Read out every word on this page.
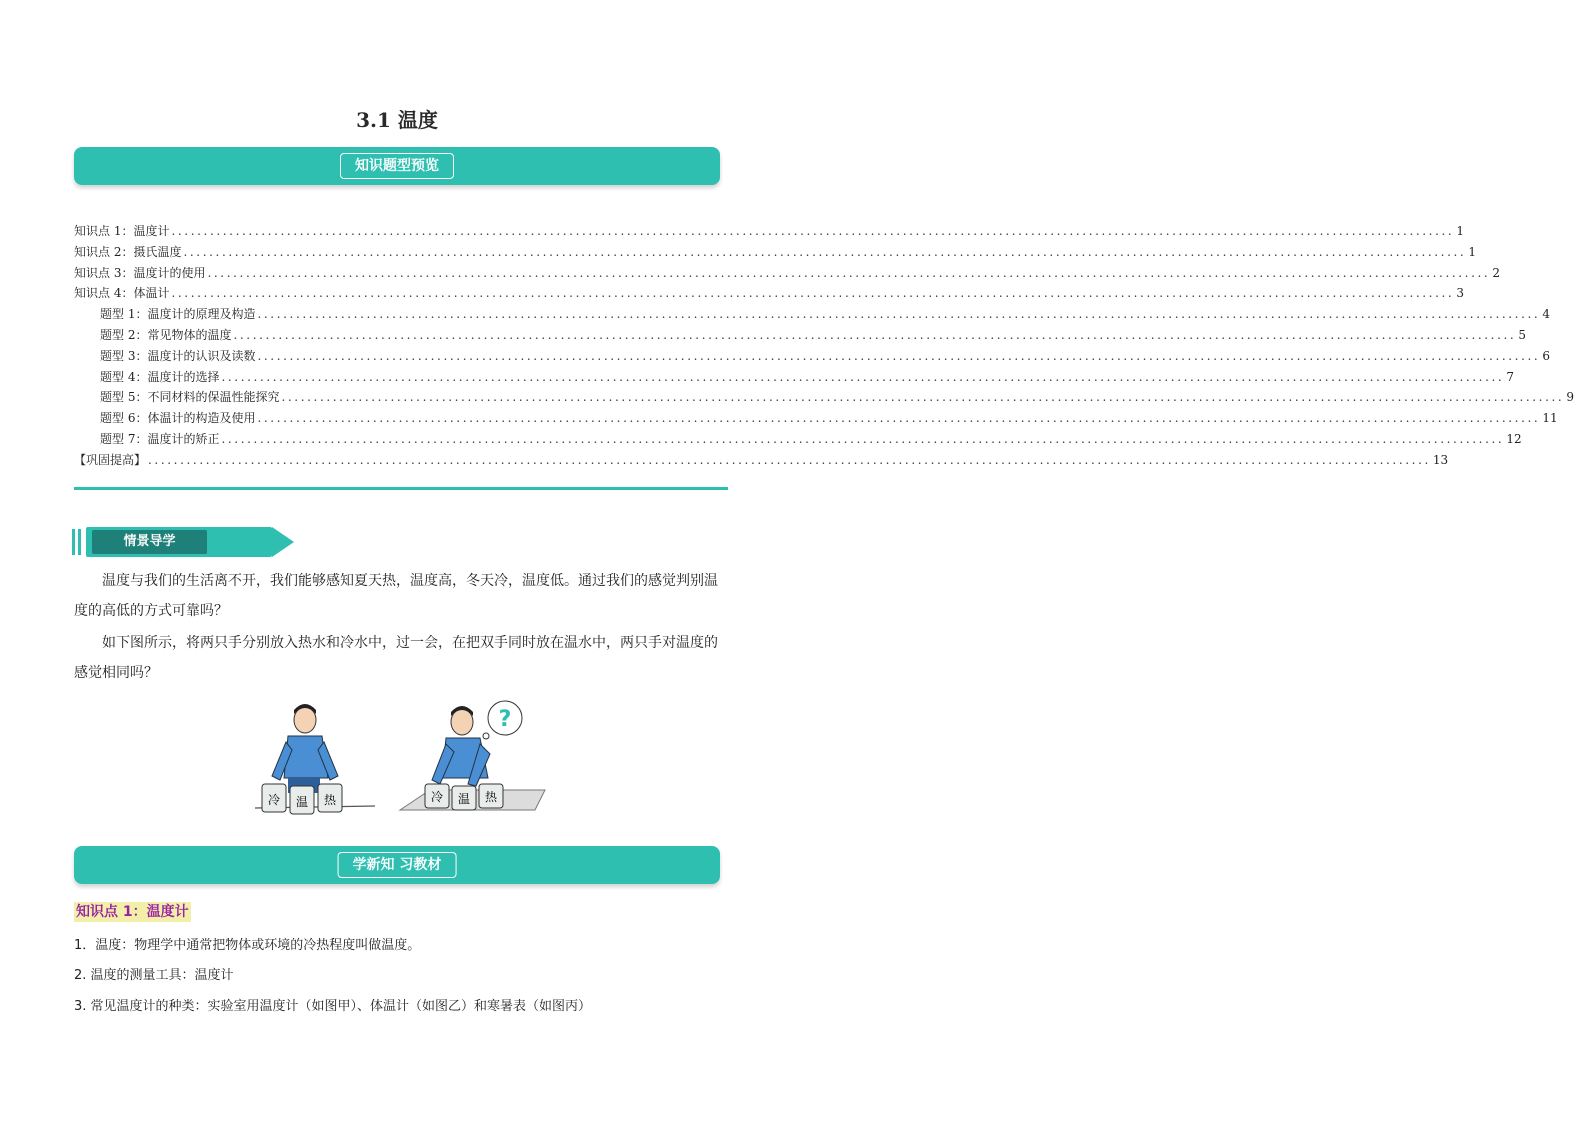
3.1 温度
知识题型预览
知识点 1：温度计 ........................................................................................................................................................................................................ 1
知识点 2：摄氏温度 ........................................................................................................................................................................................................ 1
知识点 3：温度计的使用 ........................................................................................................................................................................................................ 2
知识点 4：体温计 ........................................................................................................................................................................................................ 3
题型 1：温度计的原理及构造 ........................................................................................................................................................................................................ 4
题型 2：常见物体的温度 ........................................................................................................................................................................................................ 5
题型 3：温度计的认识及读数 ........................................................................................................................................................................................................ 6
题型 4：温度计的选择 ........................................................................................................................................................................................................ 7
题型 5：不同材料的保温性能探究 ........................................................................................................................................................................................................ 9
题型 6：体温计的构造及使用 ........................................................................................................................................................................................................ 11
题型 7：温度计的矫正 ........................................................................................................................................................................................................ 12
【巩固提高】 ........................................................................................................................................................................................................ 13
情景导学
温度与我们的生活离不开，我们能够感知夏天热，温度高，冬天冷，温度低。通过我们的感觉判别温度的高低的方式可靠吗？
如下图所示，将两只手分别放入热水和冷水中，过一会，在把双手同时放在温水中，两只手对温度的感觉相同吗？
冷 温 热
?
冷 温 热
学新知 习教材
知识点 1：温度计
1．温度：物理学中通常把物体或环境的冷热程度叫做温度。
2. 温度的测量工具：温度计
3. 常见温度计的种类：实验室用温度计（如图甲）、体温计（如图乙）和寒暑表（如图丙）
